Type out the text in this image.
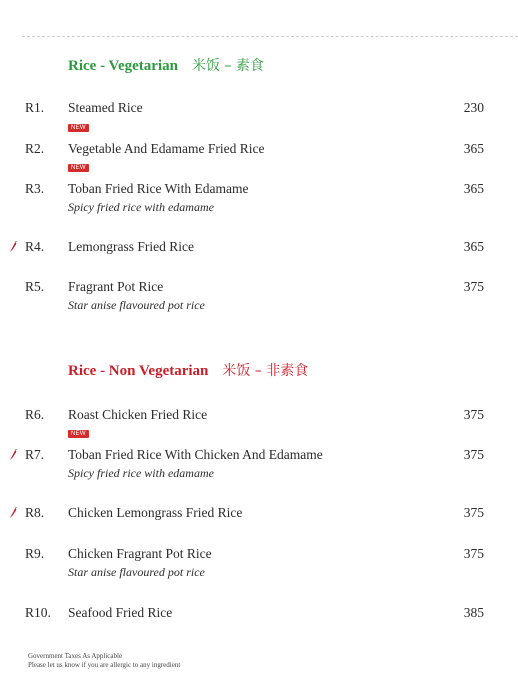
Rice - Vegetarian 米饭 – 素食
R1. Steamed Rice	230
NEW
R2. Vegetable And Edamame Fried Rice	365
NEW
R3. Toban Fried Rice With Edamame	365
Spicy fried rice with edamame
R4. Lemongrass Fried Rice	365
R5. Fragrant Pot Rice	375
Star anise flavoured pot rice
Rice - Non Vegetarian 米饭 – 非素食
R6. Roast Chicken Fried Rice	375
NEW
R7. Toban Fried Rice With Chicken And Edamame	375
Spicy fried rice with edamame
R8. Chicken Lemongrass Fried Rice	375
R9. Chicken Fragrant Pot Rice	375
Star anise flavoured pot rice
R10. Seafood Fried Rice	385
Government Taxes As Applicable
Please let us know if you are allergic to any ingredient
